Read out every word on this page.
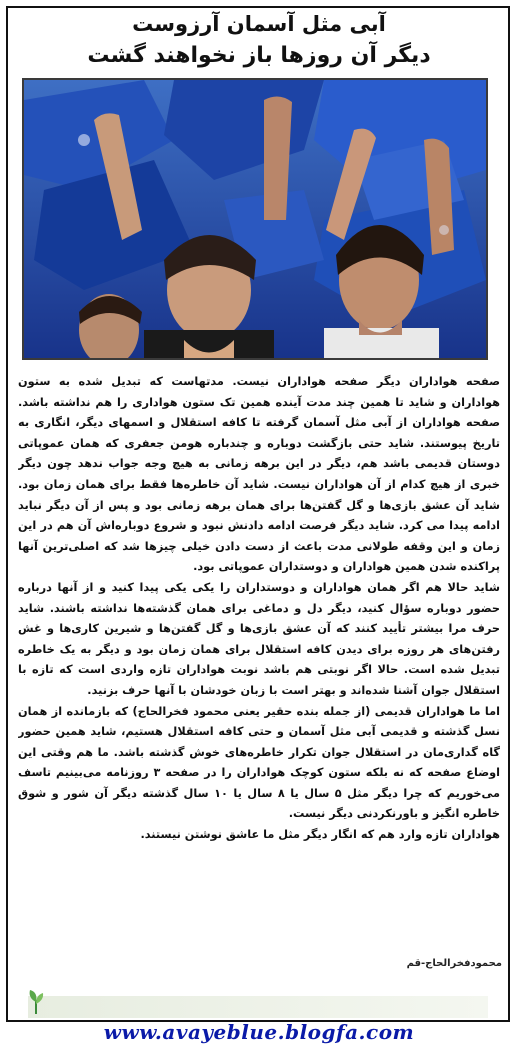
آبی مثل آسمان آرزوست
دیگر آن روزها باز نخواهند گشت

صفحه هواداران دیگر صفحه هواداران نیست. مدتهاست که تبدیل شده به ستون هواداران و شاید تا همین چند مدت آینده همین تک ستون هواداری را هم نداشته باشد. صفحه هواداران از آبی مثل آسمان گرفته تا کافه استقلال و اسمهای دیگر، انگاری به تاریخ پیوستند. شاید حتی بازگشت دوباره و چندباره هومن جعفری که همان عموپاتی دوستان قدیمی باشد هم، دیگر در این برهه زمانی به هیچ وجه جواب ندهد چون دیگر خبری از هیچ کدام از آن هواداران نیست. شاید آن خاطره‌ها فقط برای همان زمان بود. شاید آن عشق بازی‌ها و گل گفتن‌ها برای همان برهه زمانی بود و پس از آن دیگر نباید ادامه پیدا می کرد. شاید دیگر فرصت ادامه دادنش نبود و شروع دوباره‌اش آن هم در این زمان و این وقفه طولانی مدت باعث از دست دادن خیلی چیزها شد که اصلی‌ترین آنها پراکنده شدن همین هواداران و دوستداران عموپاتی بود.

شاید حالا هم اگر همان هواداران و دوستداران را یکی یکی پیدا کنید و از آنها درباره حضور دوباره سؤال کنید، دیگر دل و دماغی برای همان گذشته‌ها نداشته باشند. شاید حرف مرا بیشتر تأیید کنند که آن عشق بازی‌ها و گل گفتن‌ها و شیرین کاری‌ها و غش رفتن‌های هر روزه برای دیدن کافه استقلال برای همان زمان بود و دیگر به یک خاطره تبدیل شده است. حالا اگر نوبتی هم باشد نوبت هواداران تازه واردی است که تازه با استقلال جوان آشنا شده‌اند و بهتر است با زبان خودشان با آنها حرف بزنید.

اما ما هواداران قدیمی (از جمله بنده حقیر یعنی محمود فخرالحاج) که بازمانده از همان نسل گذشته و قدیمی آبی مثل آسمان و حتی کافه استقلال هستیم، شاید همین حضور گاه گداری‌مان در استقلال جوان تکرار خاطره‌های خوش گذشته باشد. ما هم وقتی این اوضاع صفحه که نه بلکه ستون کوچک هواداران را در صفحه ۳ روزنامه می‌بینیم تاسف می‌خوریم که چرا دیگر مثل ۵ سال یا ۸ سال یا ۱۰ سال گذشته دیگر آن شور و شوق خاطره انگیز و باورنکردنی دیگر نیست.

هواداران تازه وارد هم که انگار دیگر مثل ما عاشق نوشتن نیستند.

محمودفخرالحاج-قم
www.avayeblue.blogfa.com
